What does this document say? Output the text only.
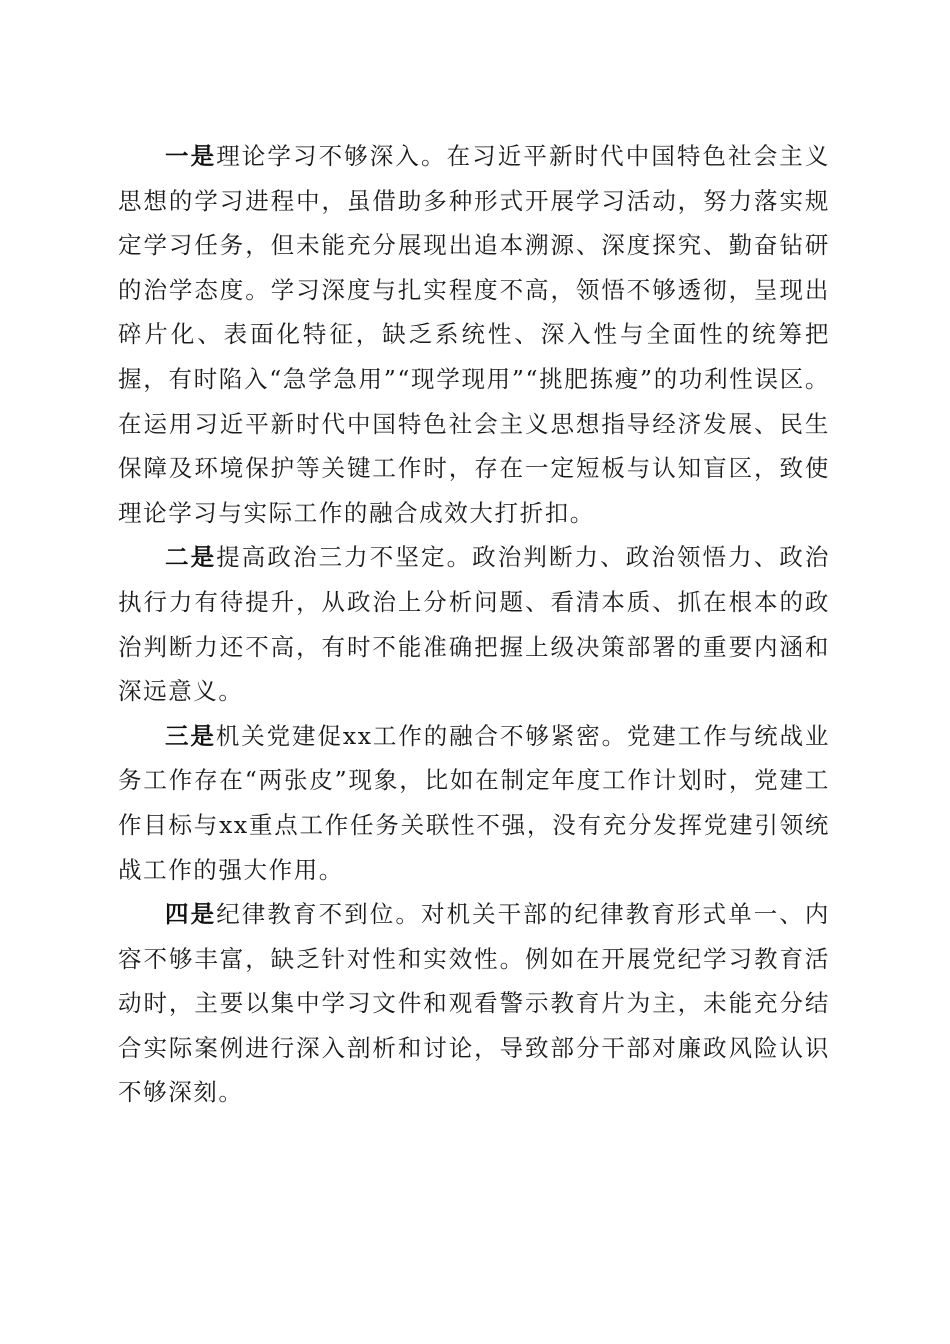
一是理论学习不够深入。在习近平新时代中国特色社会主义思想的学习进程中，虽借助多种形式开展学习活动，努力落实规定学习任务，但未能充分展现出追本溯源、深度探究、勤奋钻研的治学态度。学习深度与扎实程度不高，领悟不够透彻，呈现出碎片化、表面化特征，缺乏系统性、深入性与全面性的统筹把握，有时陷入“急学急用”“现学现用”“挑肥拣瘦”的功利性误区。在运用习近平新时代中国特色社会主义思想指导经济发展、民生保障及环境保护等关键工作时，存在一定短板与认知盲区，致使理论学习与实际工作的融合成效大打折扣。

二是提高政治三力不坚定。政治判断力、政治领悟力、政治执行力有待提升，从政治上分析问题、看清本质、抓在根本的政治判断力还不高，有时不能准确把握上级决策部署的重要内涵和深远意义。

三是机关党建促xx工作的融合不够紧密。党建工作与统战业务工作存在“两张皮”现象，比如在制定年度工作计划时，党建工作目标与xx重点工作任务关联性不强，没有充分发挥党建引领统战工作的强大作用。

四是纪律教育不到位。对机关干部的纪律教育形式单一、内容不够丰富，缺乏针对性和实效性。例如在开展党纪学习教育活动时，主要以集中学习文件和观看警示教育片为主，未能充分结合实际案例进行深入剖析和讨论，导致部分干部对廉政风险认识不够深刻。
